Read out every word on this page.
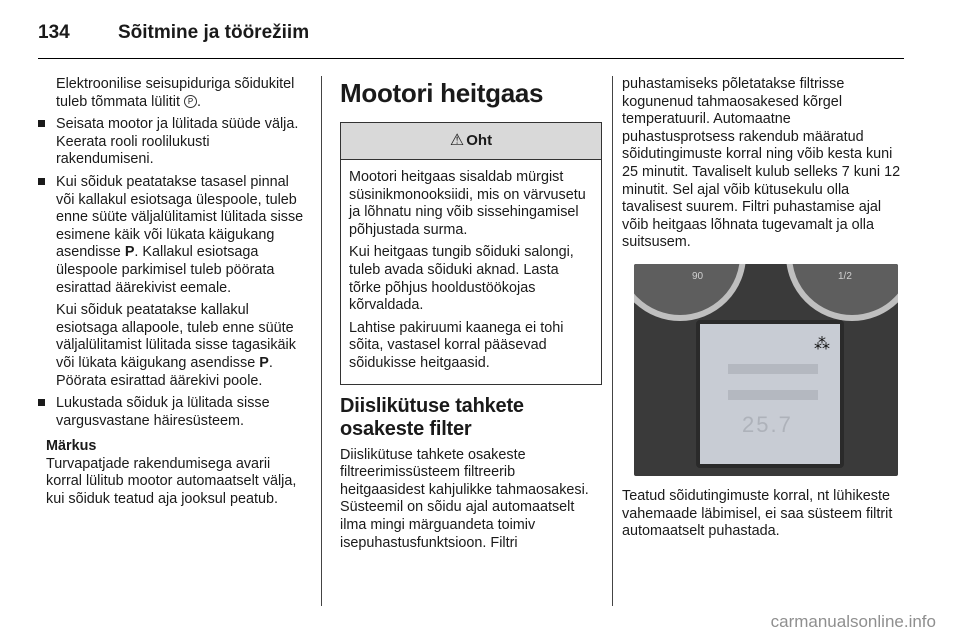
134	Sõitmine ja töörežiim

Elektroonilise seisupiduriga sõidukitel tuleb tõmmata lülitit P .

Seisata mootor ja lülitada süüde välja. Keerata rooli roolilukusti rakendumiseni.
Kui sõiduk peatatakse tasasel pinnal või kallakul esiotsaga ülespoole, tuleb enne süüte väljalülitamist lülitada sisse esimene käik või lükata käigukang asendisse P. Kallakul esiotsaga ülespoole parkimisel tuleb pöörata esirattad äärekivist eemale.

Kui sõiduk peatatakse kallakul esiotsaga allapoole, tuleb enne süüte väljalülitamist lülitada sisse tagasikäik või lükata käigukang asendisse P. Pöörata esirattad äärekivi poole.

Lukustada sõiduk ja lülitada sisse vargusvastane häiresüsteem.
Märkus

Turvapatjade rakendumisega avarii korral lülitub mootor automaatselt välja, kui sõiduk teatud aja jooksul peatub.

Mootori heitgaas
⚠ Oht

Mootori heitgaas sisaldab mürgist süsinikmonooksiidi, mis on värvusetu ja lõhnatu ning võib sissehingamisel põhjustada surma.

Kui heitgaas tungib sõiduki salongi, tuleb avada sõiduki aknad. Lasta tõrke põhjus hooldustöökojas kõrvaldada.

Lahtise pakiruumi kaanega ei tohi sõita, vastasel korral pääsevad sõidukisse heitgaasid.

Diislikütuse tahkete osakeste filter

Diislikütuse tahkete osakeste filtreerimissüsteem filtreerib heitgaasidest kahjulikke tahmaosakesi. Süsteemil on sõidu ajal automaatselt ilma mingi märguandeta toimiv isepuhastusfunktsioon. Filtri

puhastamiseks põletatakse filtrisse kogunenud tahmaosakesed kõrgel temperatuuril. Automaatne puhastusprotsess rakendub määratud sõidutingimuste korral ning võib kesta kuni 25 minutit. Tavaliselt kulub selleks 7 kuni 12 minutit. Sel ajal võib kütusekulu olla tavalisest suurem. Filtri puhastamise ajal võib heitgaas lõhnata tugevamalt ja olla suitsusem.

90	1/2
⁂
25.7

Teatud sõidutingimuste korral, nt lühikeste vahemaade läbimisel, ei saa süsteem filtrit automaatselt puhastada.

carmanualsonline.info
